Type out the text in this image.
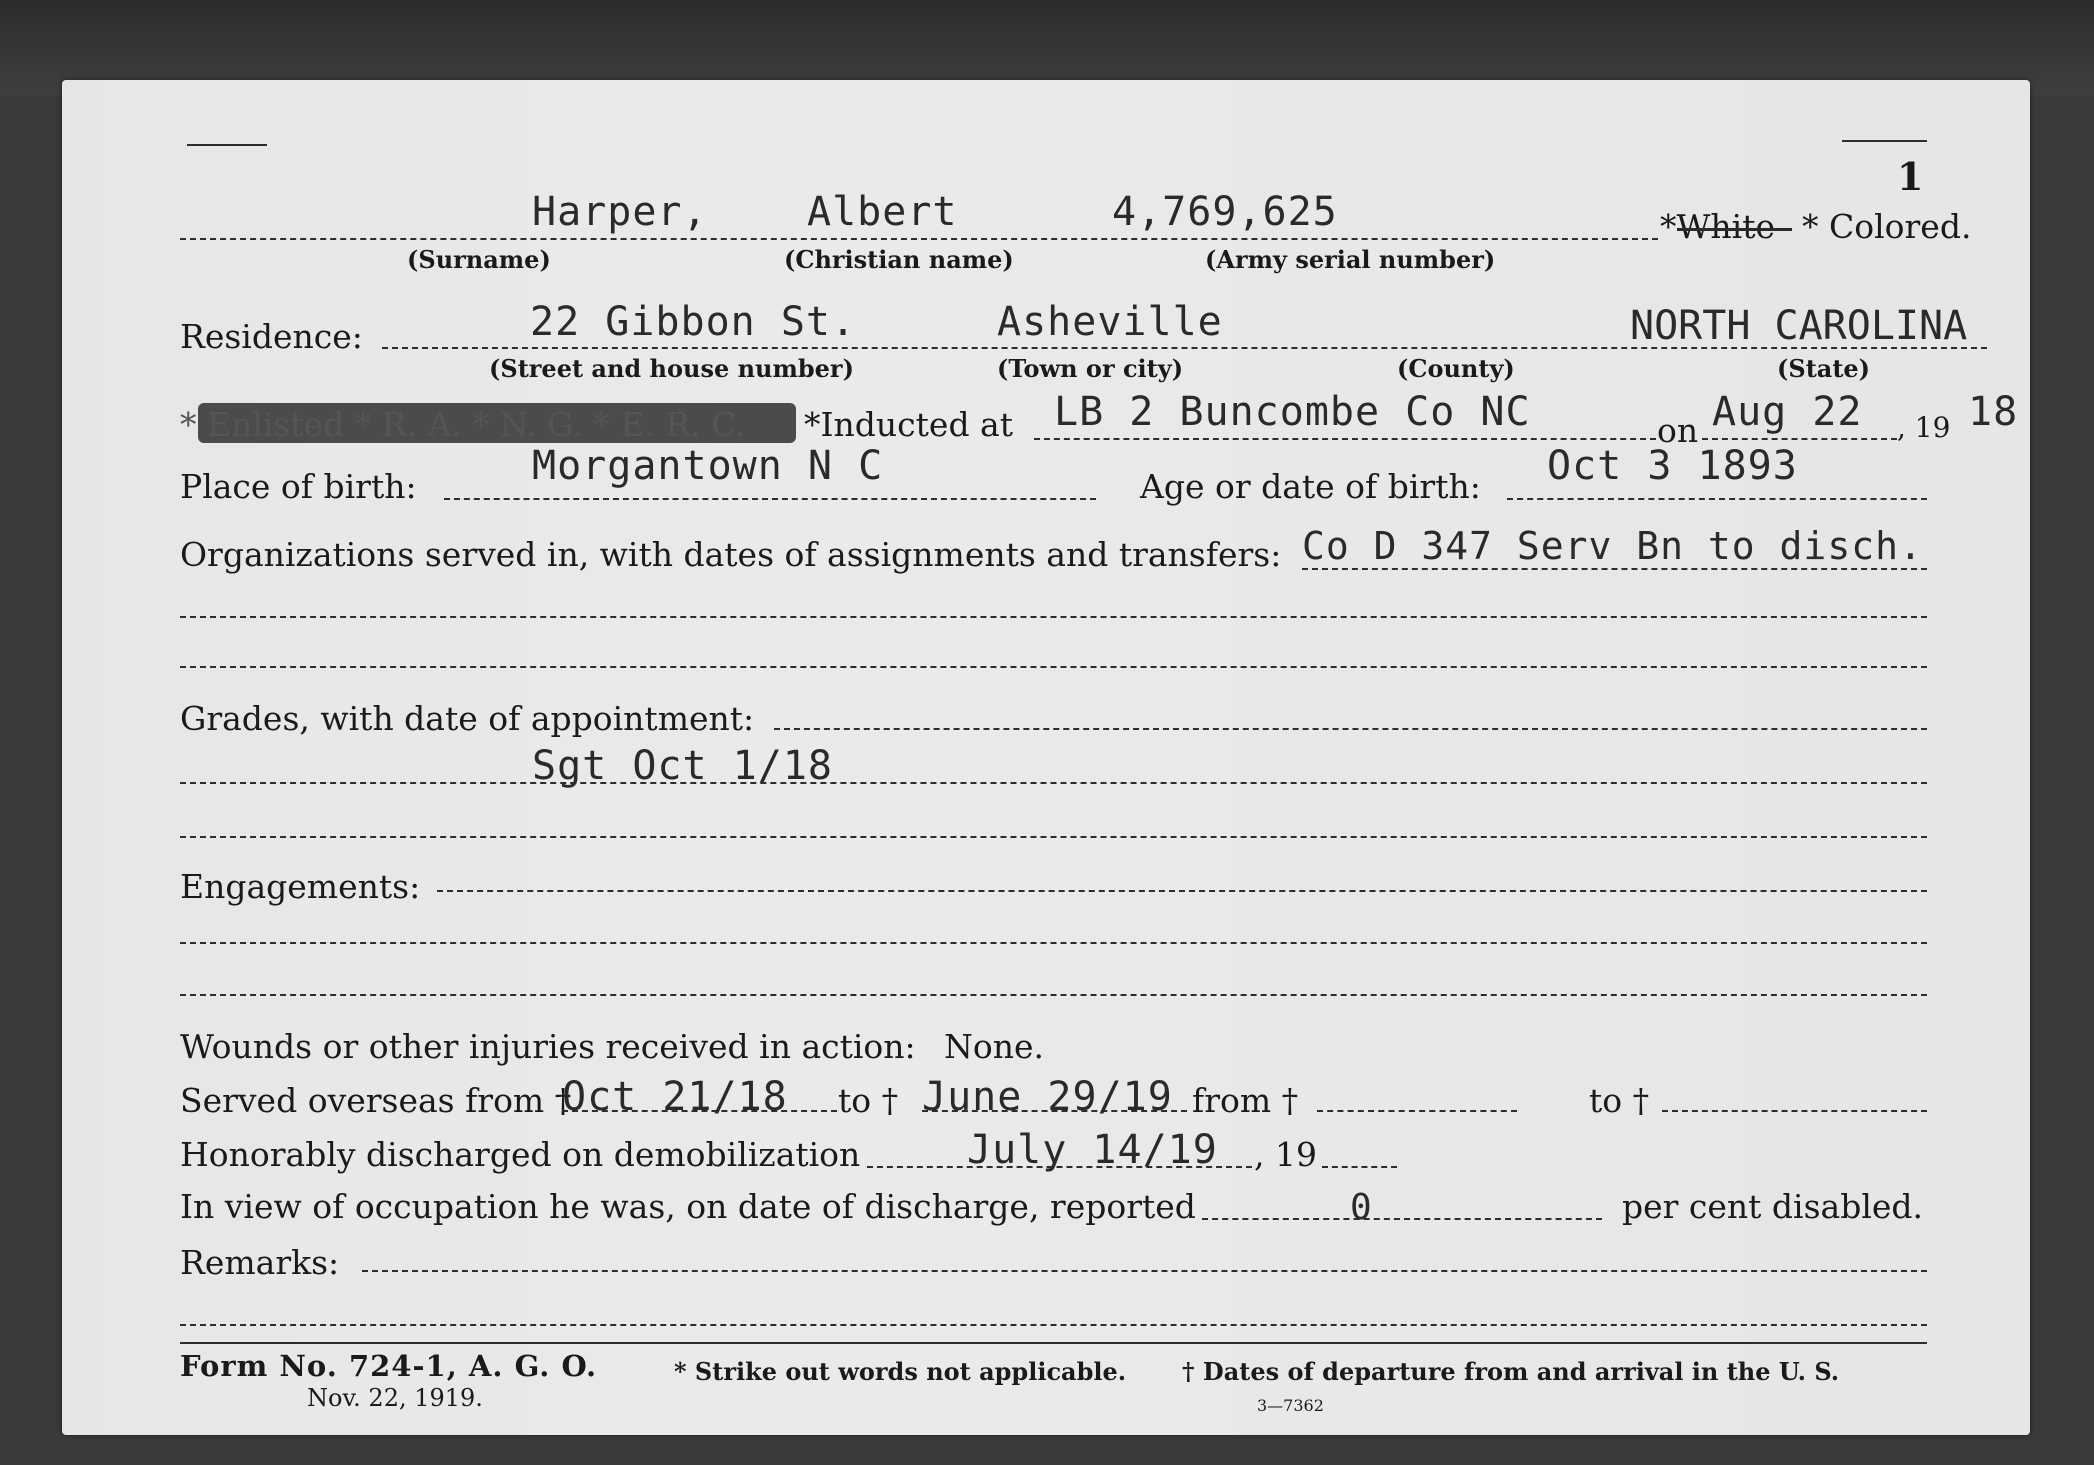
1
Harper, Albert	4,769,625	*White * Colored.
(Surname)	(Christian name)	(Army serial number)
Residence:	22 Gibbon St.	Asheville	NORTH CAROLINA
(Street and house number)	(Town or city)	(County)	(State)
* Enlisted * R. A. * N. G. * E. R. C. *Inducted at LB 2 Buncombe Co NC	on Aug 22 , 19 18
Place of birth:	Morgantown N C	Age or date of birth: Oct 3 1893
Organizations served in, with dates of assignments and transfers: Co D 347 Serv Bn to disch.
Grades, with date of appointment:
Sgt Oct 1/18
Engagements:
Wounds or other injuries received in action: None.
Served overseas from †
Oct 21/18 to † June 29/19 from †	to †
Honorably discharged on demobilization	July 14/19 , 19
In view of occupation he was, on date of discharge, reported	0	per cent disabled.
Remarks:
Form No. 724-1, A. G. O.
Nov. 22, 1919.
* Strike out words not applicable. † Dates of departure from and arrival in the U. S.
3—7362
